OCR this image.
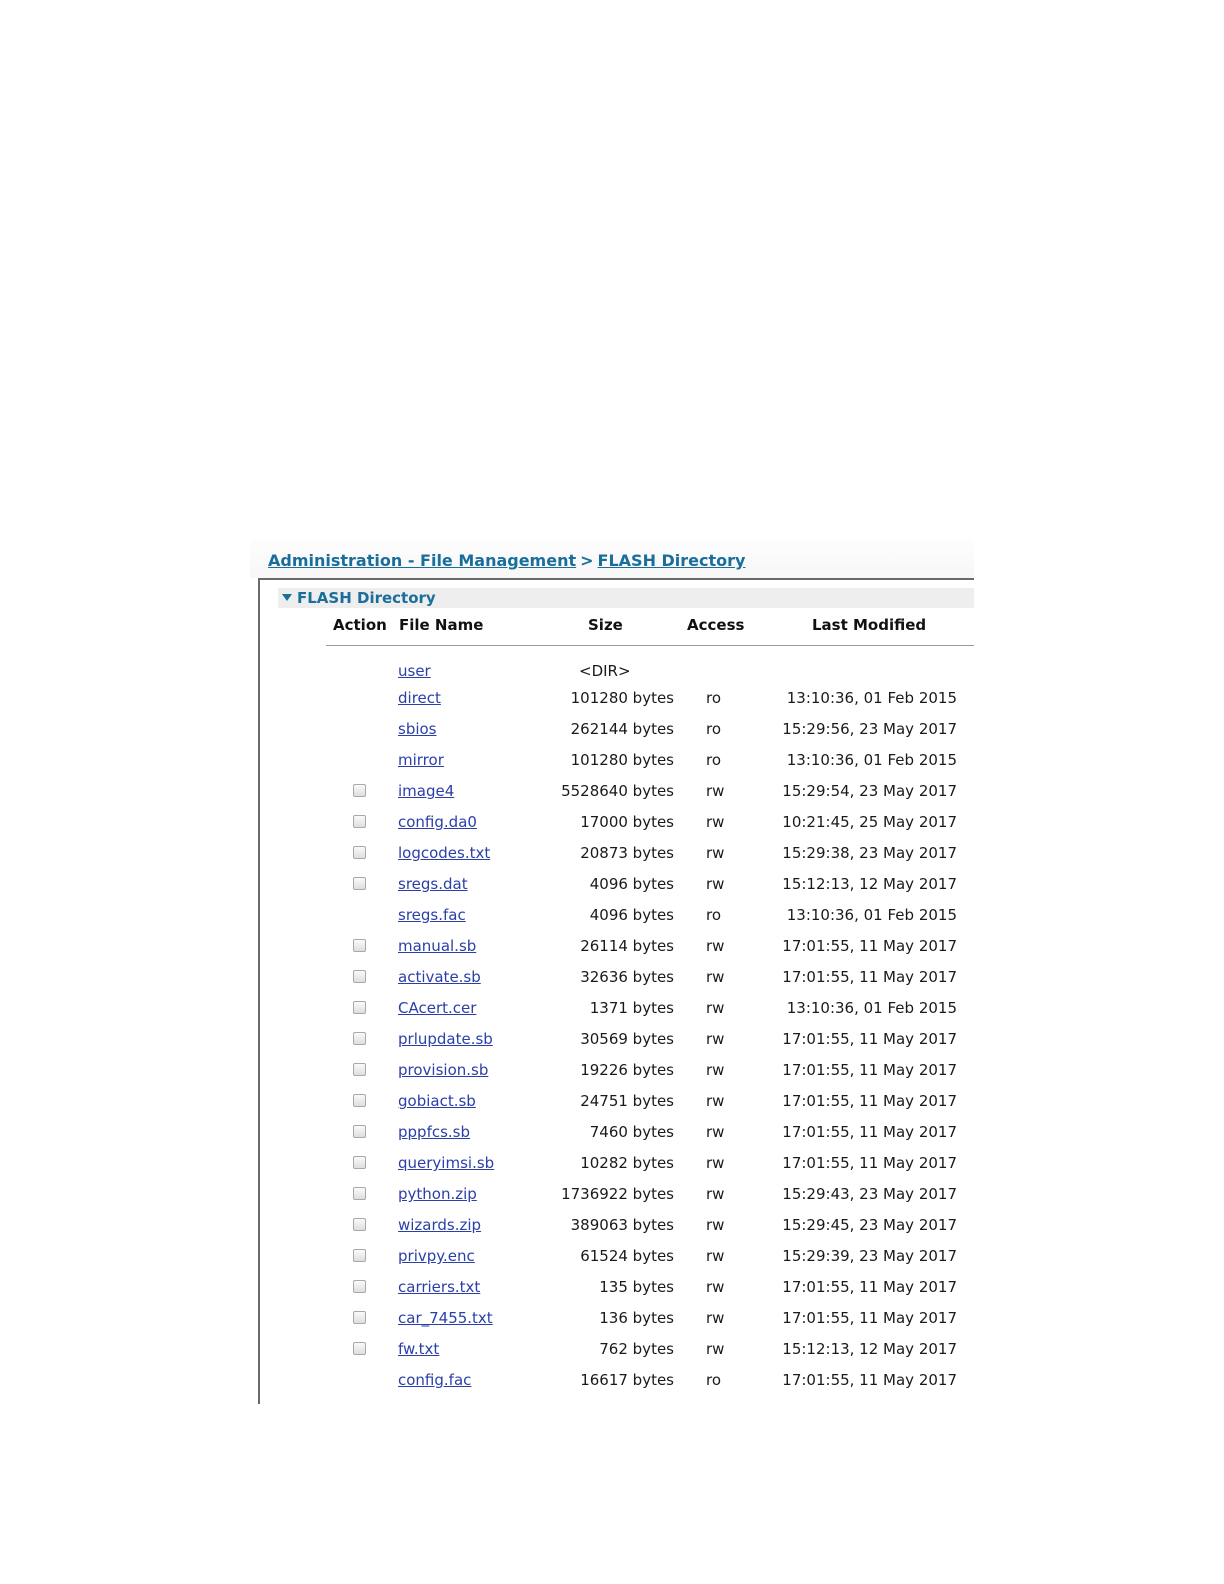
Administration - File Management > FLASH Directory
FLASH Directory
Action File Name	Size	Access	Last Modified
user	<DIR>
direct	101280 bytes ro	13:10:36, 01 Feb 2015
sbios	262144 bytes ro	15:29:56, 23 May 2017
mirror	101280 bytes ro	13:10:36, 01 Feb 2015
image4	5528640 bytes rw	15:29:54, 23 May 2017
config.da0	17000 bytes rw	10:21:45, 25 May 2017
logcodes.txt	20873 bytes rw	15:29:38, 23 May 2017
sregs.dat	4096 bytes rw	15:12:13, 12 May 2017
sregs.fac	4096 bytes ro	13:10:36, 01 Feb 2015
manual.sb	26114 bytes rw	17:01:55, 11 May 2017
activate.sb	32636 bytes rw	17:01:55, 11 May 2017
CAcert.cer	1371 bytes rw	13:10:36, 01 Feb 2015
prlupdate.sb	30569 bytes rw	17:01:55, 11 May 2017
provision.sb	19226 bytes rw	17:01:55, 11 May 2017
gobiact.sb	24751 bytes rw	17:01:55, 11 May 2017
pppfcs.sb	7460 bytes rw	17:01:55, 11 May 2017
queryimsi.sb	10282 bytes rw	17:01:55, 11 May 2017
python.zip	1736922 bytes rw	15:29:43, 23 May 2017
wizards.zip	389063 bytes rw	15:29:45, 23 May 2017
privpy.enc	61524 bytes rw	15:29:39, 23 May 2017
carriers.txt	135 bytes rw	17:01:55, 11 May 2017
car_7455.txt	136 bytes rw	17:01:55, 11 May 2017
fw.txt	762 bytes rw	15:12:13, 12 May 2017
config.fac	16617 bytes ro	17:01:55, 11 May 2017
